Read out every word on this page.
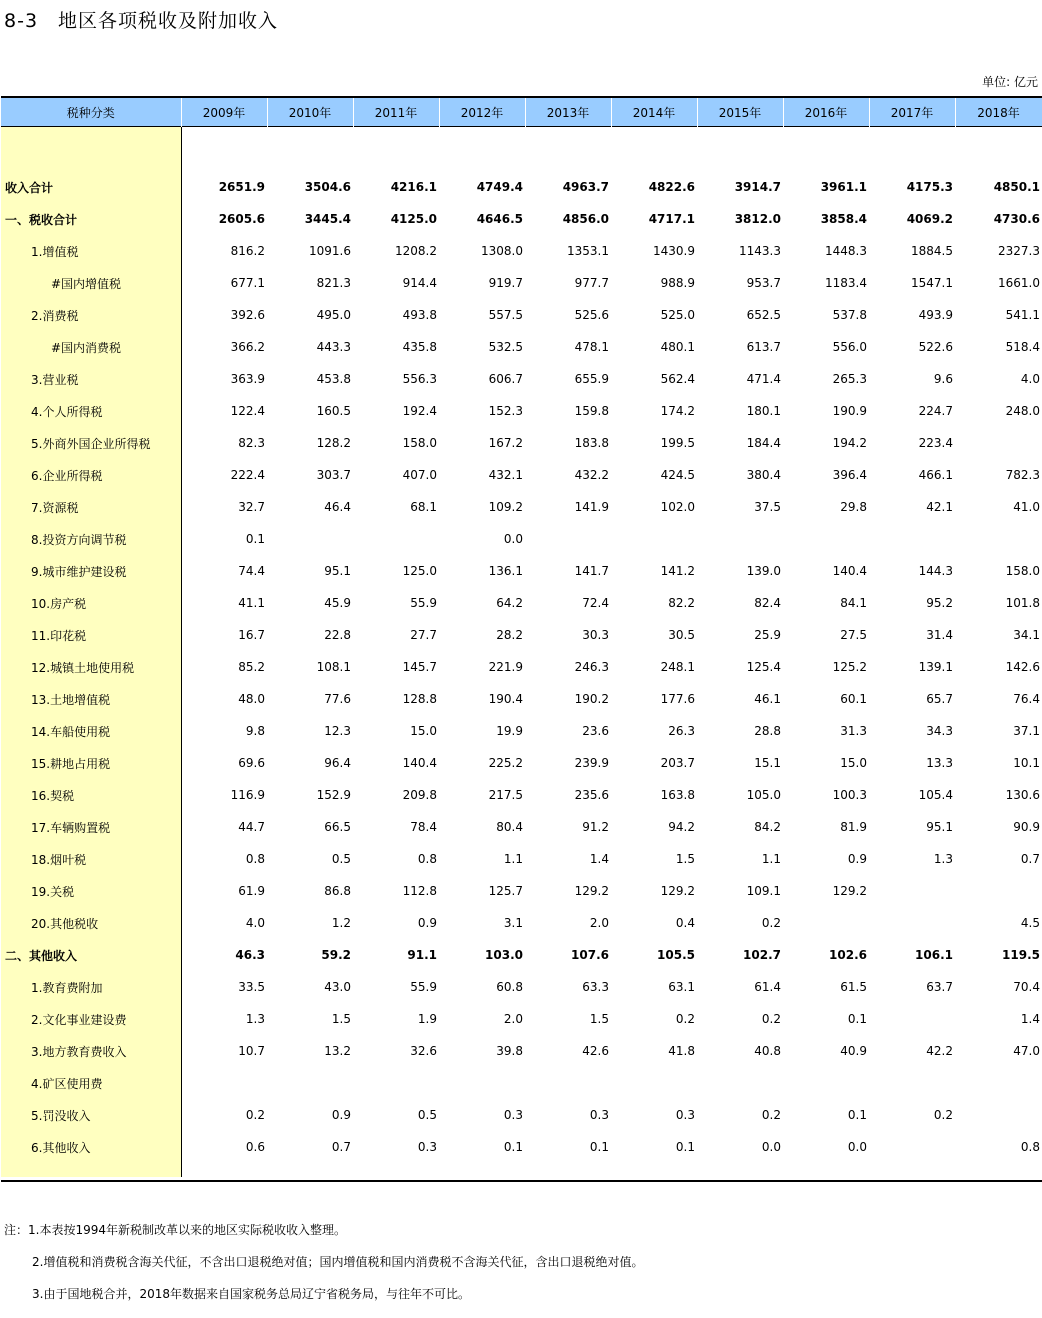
8-3　地区各项税收及附加收入
单位: 亿元
税种分类	2009年	2010年	2011年	2012年	2013年	2014年	2015年	2016年	2017年	2018年

收入合计	2651.9	3504.6	4216.1	4749.4	4963.7	4822.6	3914.7	3961.1	4175.3	4850.1
一、税收合计	2605.6	3445.4	4125.0	4646.5	4856.0	4717.1	3812.0	3858.4	4069.2	4730.6
1.增值税	816.2	1091.6	1208.2	1308.0	1353.1	1430.9	1143.3	1448.3	1884.5	2327.3
#国内增值税	677.1	821.3	914.4	919.7	977.7	988.9	953.7	1183.4	1547.1	1661.0
2.消费税	392.6	495.0	493.8	557.5	525.6	525.0	652.5	537.8	493.9	541.1
#国内消费税	366.2	443.3	435.8	532.5	478.1	480.1	613.7	556.0	522.6	518.4
3.营业税	363.9	453.8	556.3	606.7	655.9	562.4	471.4	265.3	9.6	4.0
4.个人所得税	122.4	160.5	192.4	152.3	159.8	174.2	180.1	190.9	224.7	248.0
5.外商外国企业所得税	82.3	128.2	158.0	167.2	183.8	199.5	184.4	194.2	223.4	
6.企业所得税	222.4	303.7	407.0	432.1	432.2	424.5	380.4	396.4	466.1	782.3
7.资源税	32.7	46.4	68.1	109.2	141.9	102.0	37.5	29.8	42.1	41.0
8.投资方向调节税	0.1			0.0						
9.城市维护建设税	74.4	95.1	125.0	136.1	141.7	141.2	139.0	140.4	144.3	158.0
10.房产税	41.1	45.9	55.9	64.2	72.4	82.2	82.4	84.1	95.2	101.8
11.印花税	16.7	22.8	27.7	28.2	30.3	30.5	25.9	27.5	31.4	34.1
12.城镇土地使用税	85.2	108.1	145.7	221.9	246.3	248.1	125.4	125.2	139.1	142.6
13.土地增值税	48.0	77.6	128.8	190.4	190.2	177.6	46.1	60.1	65.7	76.4
14.车船使用税	9.8	12.3	15.0	19.9	23.6	26.3	28.8	31.3	34.3	37.1
15.耕地占用税	69.6	96.4	140.4	225.2	239.9	203.7	15.1	15.0	13.3	10.1
16.契税	116.9	152.9	209.8	217.5	235.6	163.8	105.0	100.3	105.4	130.6
17.车辆购置税	44.7	66.5	78.4	80.4	91.2	94.2	84.2	81.9	95.1	90.9
18.烟叶税	0.8	0.5	0.8	1.1	1.4	1.5	1.1	0.9	1.3	0.7
19.关税	61.9	86.8	112.8	125.7	129.2	129.2	109.1	129.2		
20.其他税收	4.0	1.2	0.9	3.1	2.0	0.4	0.2			4.5
二、其他收入	46.3	59.2	91.1	103.0	107.6	105.5	102.7	102.6	106.1	119.5
1.教育费附加	33.5	43.0	55.9	60.8	63.3	63.1	61.4	61.5	63.7	70.4
2.文化事业建设费	1.3	1.5	1.9	2.0	1.5	0.2	0.2	0.1		1.4
3.地方教育费收入	10.7	13.2	32.6	39.8	42.6	41.8	40.8	40.9	42.2	47.0
4.矿区使用费										
5.罚没收入	0.2	0.9	0.5	0.3	0.3	0.3	0.2	0.1	0.2	
6.其他收入	0.6	0.7	0.3	0.1	0.1	0.1	0.0	0.0		0.8

注：1.本表按1994年新税制改革以来的地区实际税收收入整理。
2.增值税和消费税含海关代征，不含出口退税绝对值；国内增值税和国内消费税不含海关代征，含出口退税绝对值。
3.由于国地税合并，2018年数据来自国家税务总局辽宁省税务局，与往年不可比。
